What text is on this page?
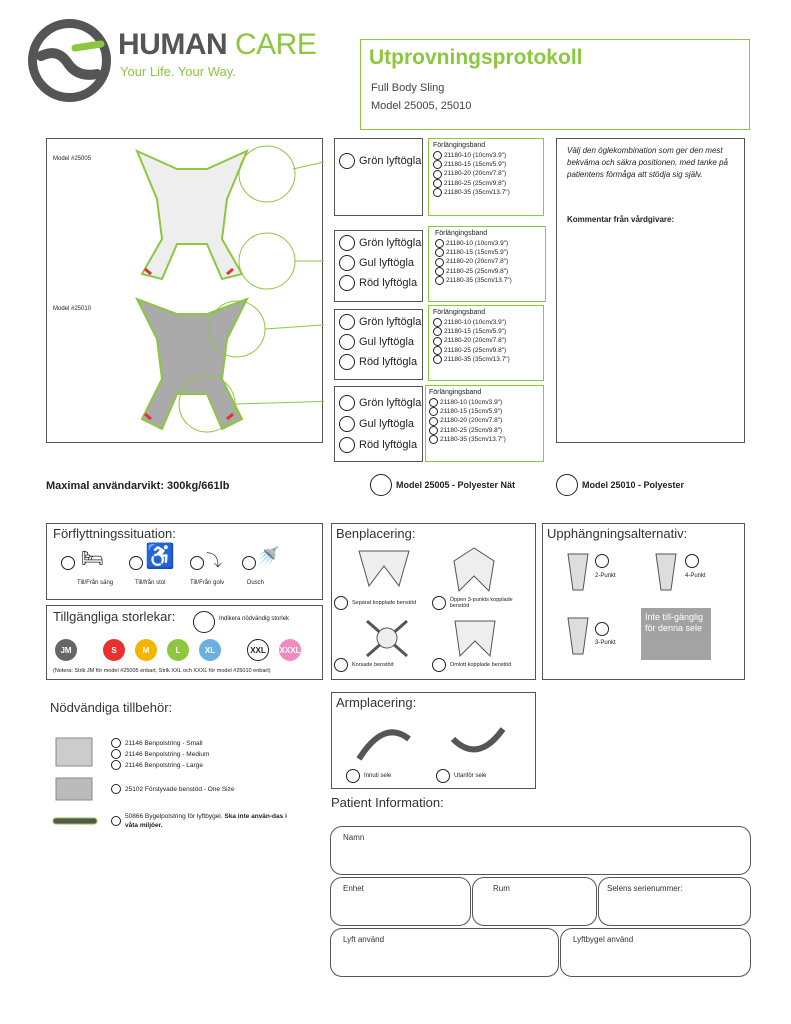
HUMAN CARE
Your Life. Your Way.
Utprovningsprotokoll
Full Body Sling
Model 25005, 25010
Model #25005
Model #25010
Grön lyftögla
Grön lyftögla
Gul lyftögla
Röd lyftögla
Grön lyftögla
Gul lyftögla
Röd lyftögla
Grön lyftögla
Gul lyftögla
Röd lyftögla
Förlängingsband
21180-10 (10cm/3.9")
21180-15 (15cm/5.9")
21180-20 (20cm/7.8")
21180-25 (25cm/9.8")
21180-35 (35cm/13.7")
Förlängingsband
21180-10 (10cm/3.9")
21180-15 (15cm/5.9")
21180-20 (20cm/7.8")
21180-25 (25cm/9.8")
21180-35 (35cm/13.7")
Förlängingsband
21180-10 (10cm/3.9")
21180-15 (15cm/5.9")
21180-20 (20cm/7.8")
21180-25 (25cm/9.8")
21180-35 (35cm/13.7")
Förlängingsband
21180-10 (10cm/3.9")
21180-15 (15cm/5.9")
21180-20 (20cm/7.8")
21180-25 (25cm/9.8")
21180-35 (35cm/13.7")
Välj den öglekombination som ger den mest bekväma och säkra positionen, med tanke på patientens förmåga att stödja sig själv.
Kommentar från vårdgivare:
Maximal användarvikt: 300kg/661lb	Model 25005 - Polyester Nät	Model 25010 - Polyester
Förflyttningssituation:
🛏
Till/Från säng
♿
Till/från stol
⤵
Till/Från golv
🚿
Dusch
Tillgängliga storlekar:	Indikera nödvändig storlek
JM	S	M	L	XL	XXL	XXXL
(Notera: Strlk JM för model #25005 enbart, Strlk XXL och XXXL för model #25010 enbart)
Benplacering:
Separat kopplade benstöd	Öppen 3-punkts kopplade benstöd
Korsade benstöd	Omlott kopplade benstöd
Upphängningsalternativ:
2-Punkt	4-Punkt
3-Punkt
Inte till-gänglig för denna sele
Nödvändiga tillbehör:
21146 Benpolstring - Small
21146 Benpolstring - Medium
21146 Benpolstring - Large
25102 Förstyvade benstöd - One Size
50866 Bygelpolstring för lyftbygel. Ska inte använ-das i våta miljöer.
Armplacering:
Innuti sele	Utanför sele
Patient Information:
Namn
Enhet	Rum	Selens serienummer:
Lyft använd	Lyftbygel använd
